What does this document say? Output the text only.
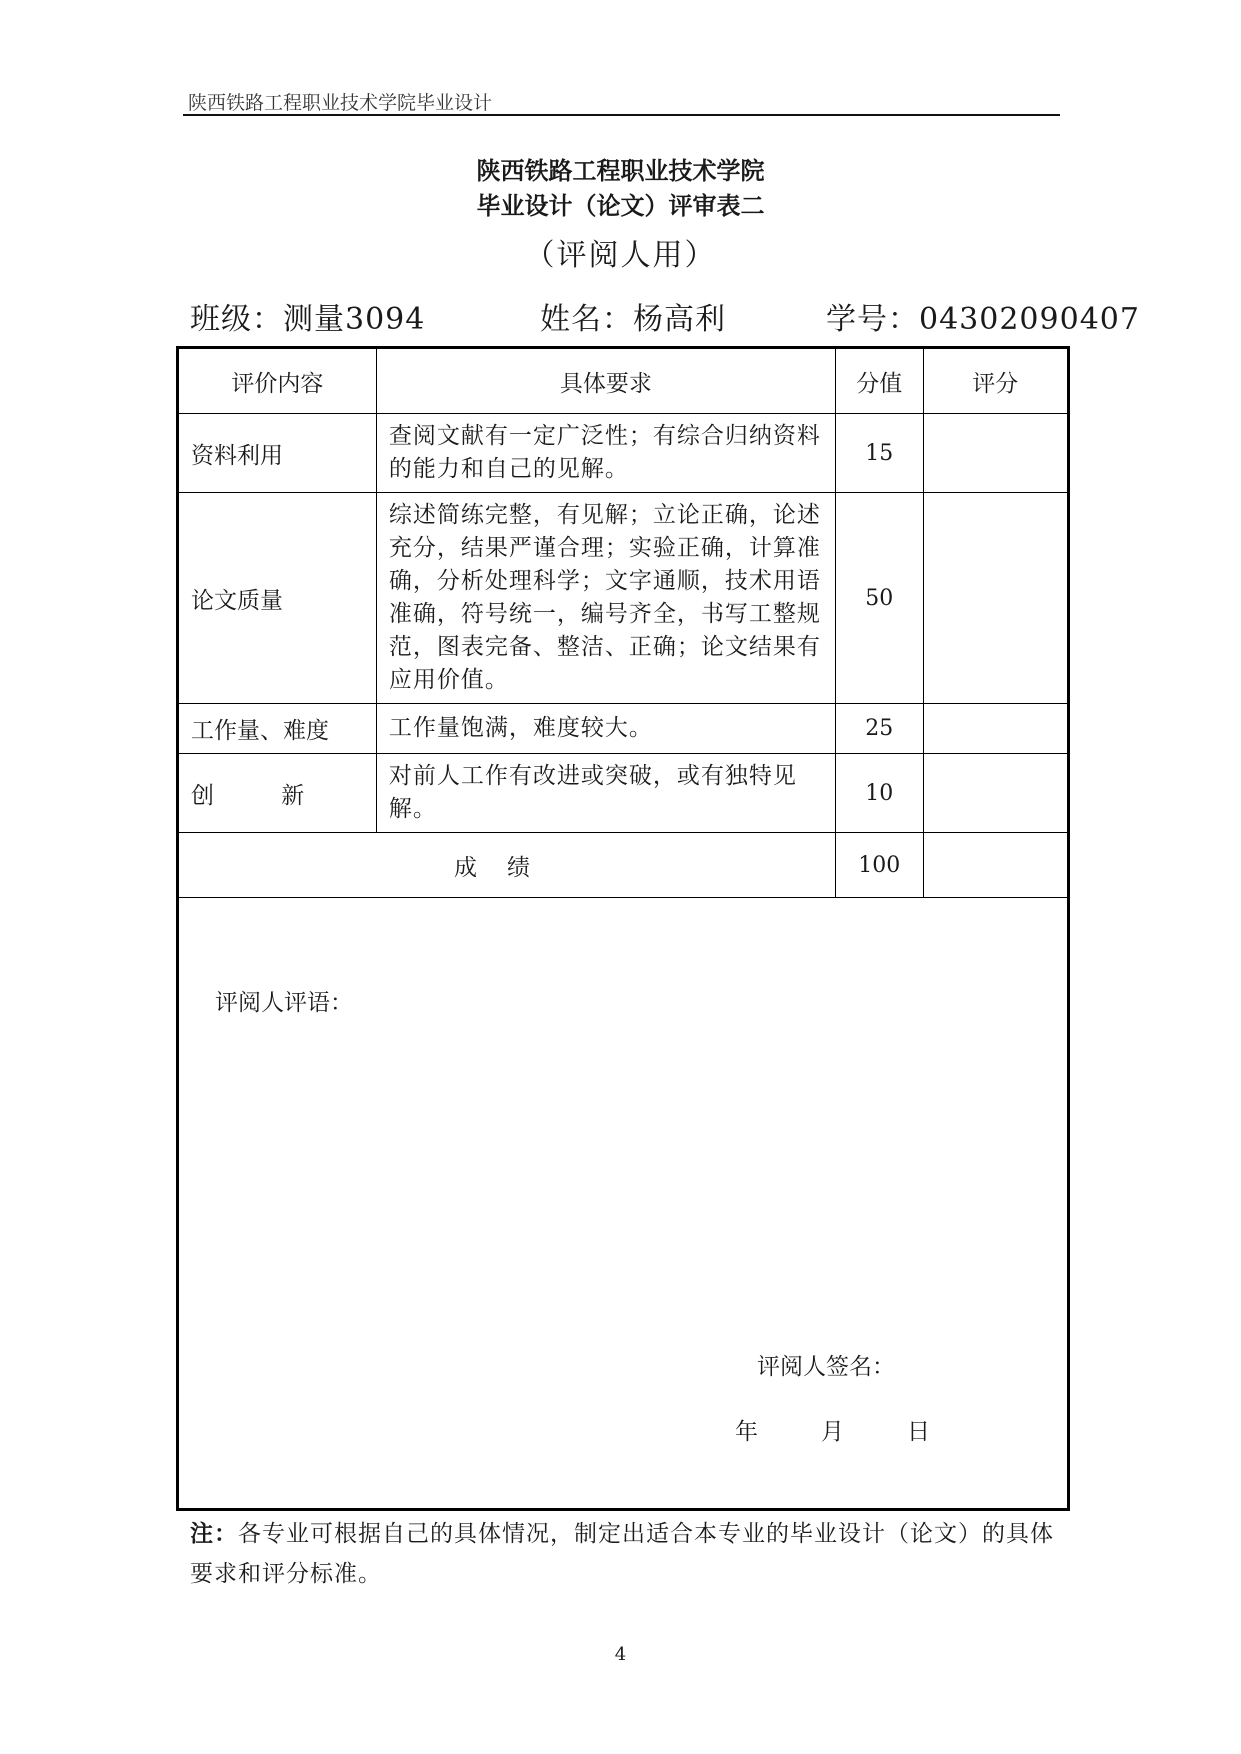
陕西铁路工程职业技术学院毕业设计
陕西铁路工程职业技术学院
毕业设计（论文）评审表二
（评阅人用）
班级：测量3094	姓名：杨高利	学号：04302090407
评价内容	具体要求	分值	评分
资料利用	查阅文献有一定广泛性；有综合归纳资料的能力和自己的见解。	15	
论文质量	综述简练完整，有见解；立论正确，论述充分，结果严谨合理；实验正确，计算准确，分析处理科学；文字通顺，技术用语准确，符号统一，编号齐全，书写工整规范，图表完备、整洁、正确；论文结果有应用价值。	50	
工作量、难度	工作量饱满，难度较大。	25	
创 新	对前人工作有改进或突破，或有独特见解。	10	
成绩		100	

评阅人评语：
评阅人签名：
年 月 日			
注：各专业可根据自己的具体情况，制定出适合本专业的毕业设计（论文）的具体要求和评分标准。
4
